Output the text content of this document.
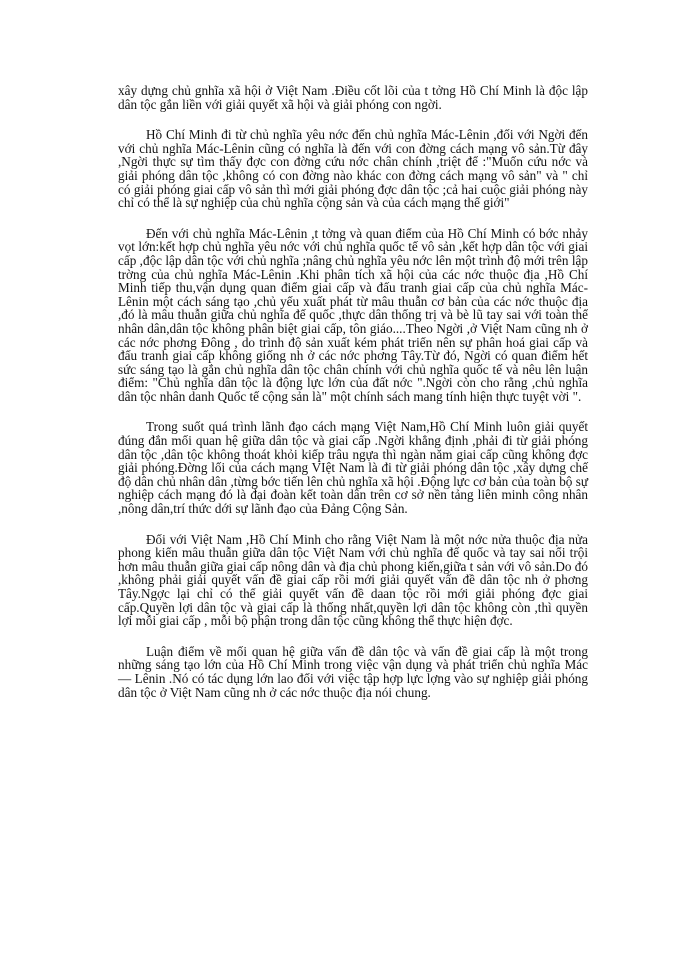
xây dựng chủ gnhĩa xã hội ở Việt Nam .Điều cốt lõi của t tởng Hồ Chí Minh là độc lập dân tộc gắn liền với giải quyết xã hội và giải phóng con ngời.

Hồ Chí Minh đi từ chủ nghĩa yêu nớc đến chủ nghĩa Mác-Lênin ,đối với Ngời đến với chủ nghĩa Mác-Lênin cũng có nghĩa là đến với con đờng cách mạng vô sản.Từ đây ,Ngời thực sự tìm thấy đợc con đờng cứu nớc chân chính ,triệt để :"Muốn cứu nớc và giải phóng dân tộc ,không có con đờng nào khác con đờng cách mạng vô sản" và " chỉ có giải phóng giai cấp vô sản thì mới giải phóng đợc dân tộc ;cả hai cuộc giải phóng này chỉ có thể là sự nghiệp của chủ nghĩa cộng sản và của cách mạng thế giới"

Đến với chủ nghĩa Mác-Lênin ,t tởng và quan điểm của Hồ Chí Minh có bớc nhảy vọt lớn:kết hợp chủ nghĩa yêu nớc với chủ nghĩa quốc tế vô sản ,kết hợp dân tộc với giai cấp ,độc lập dân tộc với chủ nghĩa ;nâng chủ nghĩa yêu nớc lên một trình độ mới trên lập trờng của chủ nghĩa Mác-Lênin .Khi phân tích xã hội của các nớc thuộc địa ,Hồ Chí Minh tiếp thu,vận dụng quan điểm giai cấp và đấu tranh giai cấp của chủ nghĩa Mác-Lênin một cách sáng tạo ,chủ yếu xuất phát từ mâu thuẫn cơ bản của các nớc thuộc địa ,đó là mâu thuẫn giữa chủ nghĩa đế quốc ,thực dân thống trị và bè lũ tay sai với toàn thể nhân dân,dân tộc không phân biệt giai cấp, tôn giáo....Theo Ngời ,ở Việt Nam cũng nh ở các nớc phơng Đông , do trình độ sản xuất kém phát triển nên sự phân hoá giai cấp và đấu tranh giai cấp không giống nh ở các nớc phơng Tây.Từ đó, Ngời có quan điểm hết sức sáng tạo là gắn chủ nghĩa dân tộc chân chính với chủ nghĩa quốc tế và nêu lên luận điểm: "Chủ nghĩa dân tộc là động lực lớn của đất nớc ".Ngời còn cho rằng ,chủ nghĩa dân tộc nhân danh Quốc tế cộng sản là" một chính sách mang tính hiện thực tuyệt vời ".

Trong suốt quá trình lãnh đạo cách mạng Việt Nam,Hồ Chí Minh luôn giải quyết đúng đắn mối quan hệ giữa dân tộc và giai cấp .Ngời khẳng định ,phải đi từ giải phóng dân tộc ,dân tộc không thoát khỏi kiếp trâu ngựa thì ngàn năm giai cấp cũng không đợc giải phóng.Đờng lối của cách mạng VIệt Nam là đi từ giải phóng dân tộc ,xây dựng chế độ dân chủ nhân dân ,từng bớc tiến lên chủ nghĩa xã hội .Động lực cơ bản của toàn bộ sự nghiệp cách mạng đó là đại đoàn kết toàn dân trên cơ sở nền tảng liên minh công nhân ,nông dân,trí thức dới sự lãnh đạo của Đảng Cộng Sản.

Đối với Việt Nam ,Hồ Chí Minh cho rằng Việt Nam là một nớc nửa thuộc địa nửa phong kiến mâu thuẫn giữa dân tộc Việt Nam với chủ nghĩa đế quốc và tay sai nổi trội hơn mâu thuẫn giữa giai cấp nông dân và địa chủ phong kiến,giữa t sản với vô sản.Do đó ,không phải giải quyết vấn đề giai cấp rồi mới giải quyết vấn đề dân tộc nh ở phơng Tây.Ngợc lại chỉ có thể giải quyết vấn đề daan tộc rồi mới giải phóng đợc giai cấp.Quyền lợi dân tộc và giai cấp là thống nhất,quyền lợi dân tộc không còn ,thì quyền lợi mỗi giai cấp , mỗi bộ phận trong dân tộc cũng không thể thực hiện đợc.

Luận điểm về mối quan hệ giữa vấn đề dân tộc và vấn đề giai cấp là một trong những sáng tạo lớn của Hồ Chí Minh trong việc vận dụng và phát triển chủ nghĩa Mác — Lênin .Nó có tác dụng lớn lao đối với việc tập hợp lực lợng vào sự nghiệp giải phóng dân tộc ở Việt Nam cũng nh ở các nớc thuộc địa nói chung.
